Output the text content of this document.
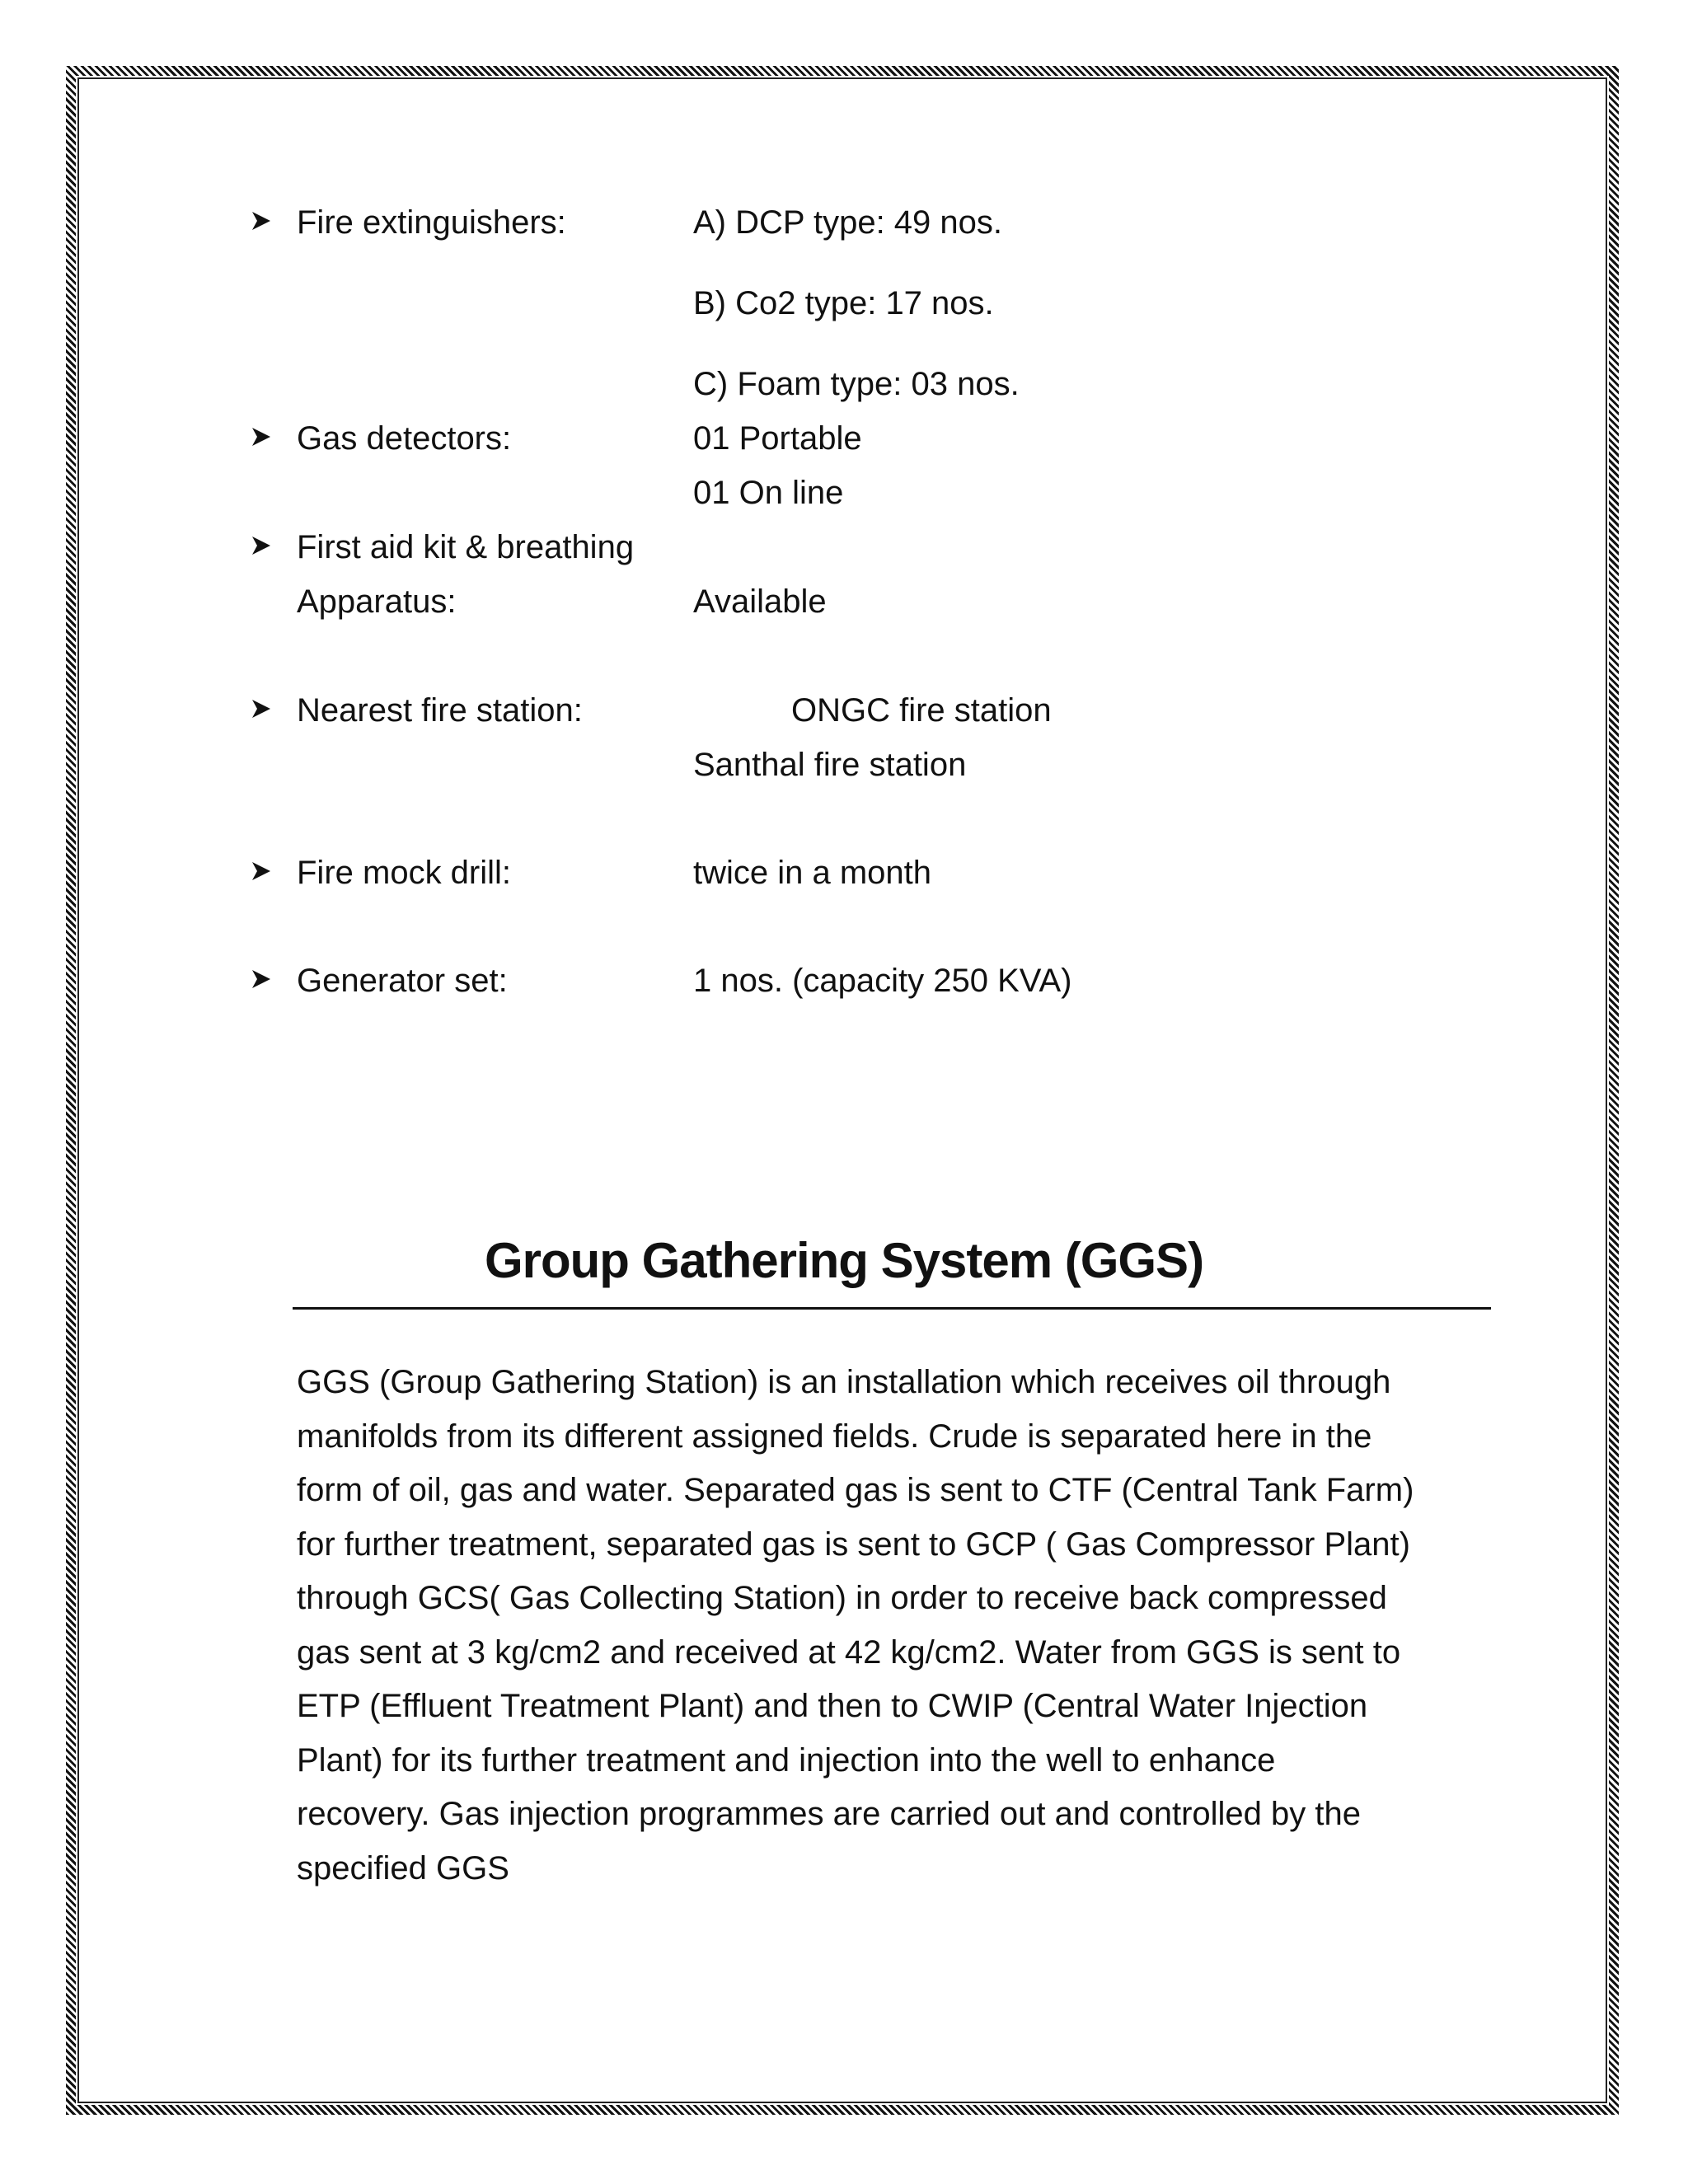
Fire extinguishers:	A) DCP type: 49 nos.
B) Co2 type: 17 nos.
C) Foam type: 03 nos.
Gas detectors:	01 Portable
01 On line
First aid kit & breathing
Apparatus:	Available
Nearest fire station:	ONGC fire station
Santhal fire station
Fire mock drill:	twice in a month
Generator set:	1 nos. (capacity 250 KVA)
Group Gathering System (GGS)
GGS (Group Gathering Station) is an installation which receives oil through
manifolds from its different assigned fields. Crude is separated here in the
form of oil, gas and water. Separated gas is sent to CTF (Central Tank Farm)
for further treatment, separated gas is sent to GCP ( Gas Compressor Plant)
through GCS( Gas Collecting Station) in order to receive back compressed
gas sent at 3 kg/cm2 and received at 42 kg/cm2. Water from GGS is sent to
ETP (Effluent Treatment Plant) and then to CWIP (Central Water Injection
Plant) for its further treatment and injection into the well to enhance
recovery. Gas injection programmes are carried out and controlled by the
specified GGS
